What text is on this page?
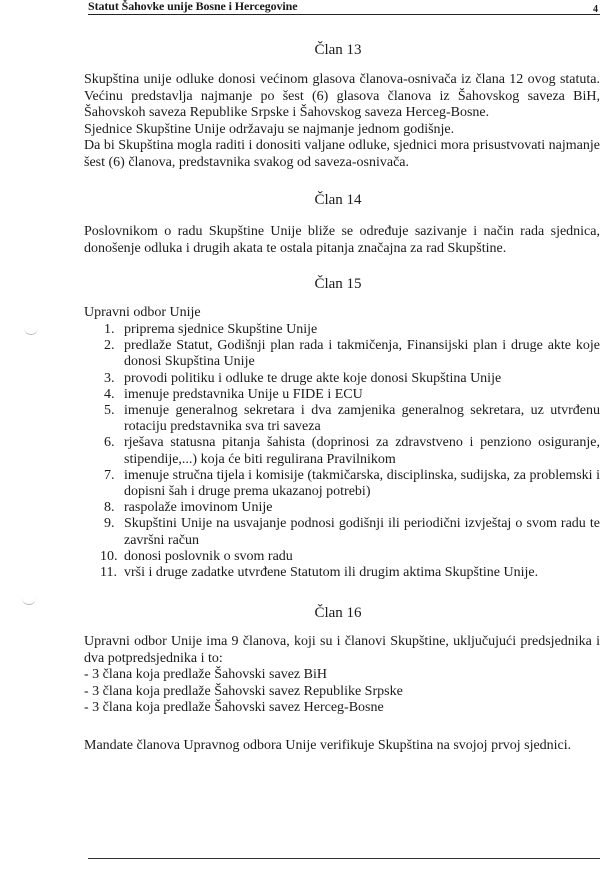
Statut Šahovke unije Bosne i Hercegovine	4
Član 13

Skupština unije odluke donosi većinom glasova članova-osnivača iz člana 12 ovog statuta. Većinu predstavlja najmanje po šest (6) glasova članova iz Šahovskog saveza BiH, Šahovskoh saveza Republike Srpske i Šahovskog saveza Herceg-Bosne.

Sjednice Skupštine Unije održavaju se najmanje jednom godišnje.

Da bi Skupština mogla raditi i donositi valjane odluke, sjednici mora prisustvovati najmanje šest (6) članova, predstavnika svakog od saveza-osnivača.

Član 14

Poslovnikom o radu Skupštine Unije bliže se određuje sazivanje i način rada sjednica, donošenje odluka i drugih akata te ostala pitanja značajna za rad Skupštine.

Član 15

Upravni odbor Unije

1. priprema sjednice Skupštine Unije
2. predlaže Statut, Godišnji plan rada i takmičenja, Finansijski plan i druge akte koje donosi Skupština Unije
3. provodi politiku i odluke te druge akte koje donosi Skupština Unije
4. imenuje predstavnika Unije u FIDE i ECU
5. imenuje generalnog sekretara i dva zamjenika generalnog sekretara, uz utvrđenu rotaciju predstavnika sva tri saveza
6. rješava statusna pitanja šahista (doprinosi za zdravstveno i penziono osiguranje, stipendije,...) koja će biti regulirana Pravilnikom
7. imenuje stručna tijela i komisije (takmičarska, disciplinska, sudijska, za problemski i dopisni šah i druge prema ukazanoj potrebi)
8. raspolaže imovinom Unije
9. Skupštini Unije na usvajanje podnosi godišnji ili periodični izvještaj o svom radu te završni račun
10. donosi poslovnik o svom radu
11. vrši i druge zadatke utvrđene Statutom ili drugim aktima Skupštine Unije.
Član 16

Upravni odbor Unije ima 9 članova, koji su i članovi Skupštine, uključujući predsjednika i dva potpredsjednika i to:

- 3 člana koja predlaže Šahovski savez BiH

- 3 člana koja predlaže Šahovski savez Republike Srpske

- 3 člana koja predlaže Šahovski savez Herceg-Bosne

Mandate članova Upravnog odbora Unije verifikuje Skupština na svojoj prvoj sjednici.
